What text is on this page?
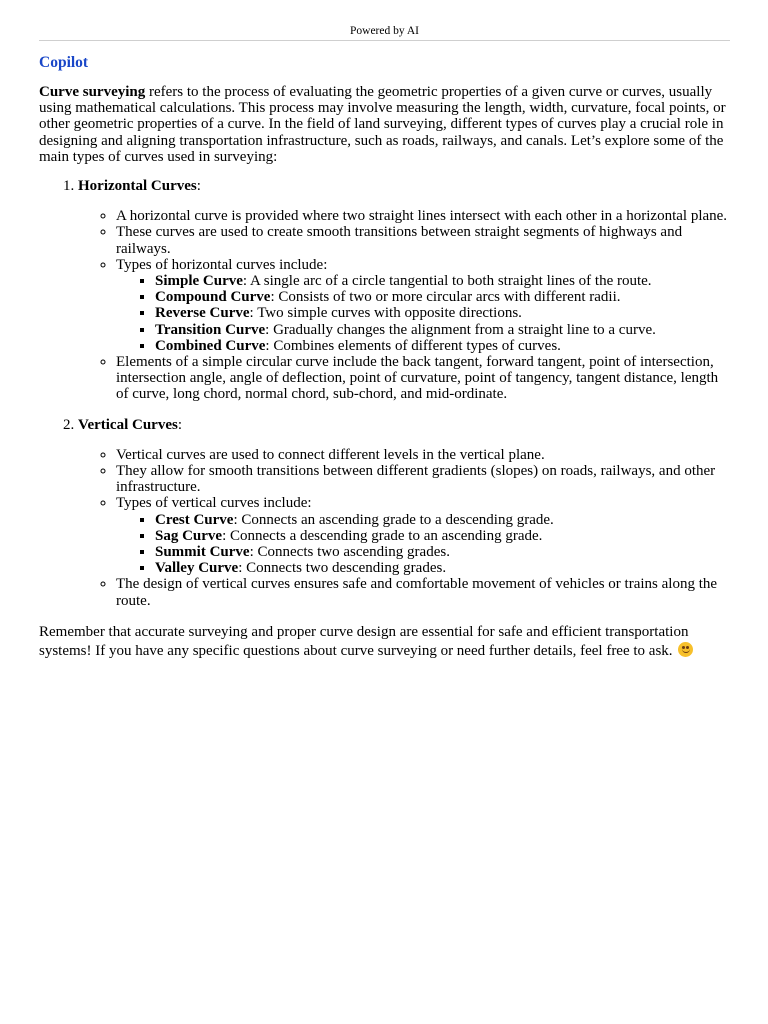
Powered by AI
Copilot

Curve surveying refers to the process of evaluating the geometric properties of a given curve or curves, usually using mathematical calculations. This process may involve measuring the length, width, curvature, focal points, or other geometric properties of a curve. In the field of land surveying, different types of curves play a crucial role in designing and aligning transportation infrastructure, such as roads, railways, and canals. Let’s explore some of the main types of curves used in surveying:

1. Horizontal Curves:
◦ A horizontal curve is provided where two straight lines intersect with each other in a horizontal plane.
◦ These curves are used to create smooth transitions between straight segments of highways and railways.
◦ Types of horizontal curves include:
▪ Simple Curve: A single arc of a circle tangential to both straight lines of the route.
▪ Compound Curve: Consists of two or more circular arcs with different radii.
▪ Reverse Curve: Two simple curves with opposite directions.
▪ Transition Curve: Gradually changes the alignment from a straight line to a curve.
▪ Combined Curve: Combines elements of different types of curves.
◦ Elements of a simple circular curve include the back tangent, forward tangent, point of intersection, intersection angle, angle of deflection, point of curvature, point of tangency, tangent distance, length of curve, long chord, normal chord, sub-chord, and mid-ordinate.
2. Vertical Curves:
◦ Vertical curves are used to connect different levels in the vertical plane.
◦ They allow for smooth transitions between different gradients (slopes) on roads, railways, and other infrastructure.
◦ Types of vertical curves include:
▪ Crest Curve: Connects an ascending grade to a descending grade.
▪ Sag Curve: Connects a descending grade to an ascending grade.
▪ Summit Curve: Connects two ascending grades.
▪ Valley Curve: Connects two descending grades.
◦ The design of vertical curves ensures safe and comfortable movement of vehicles or trains along the route.

Remember that accurate surveying and proper curve design are essential for safe and efficient transportation systems! If you have any specific questions about curve surveying or need further details, feel free to ask.
